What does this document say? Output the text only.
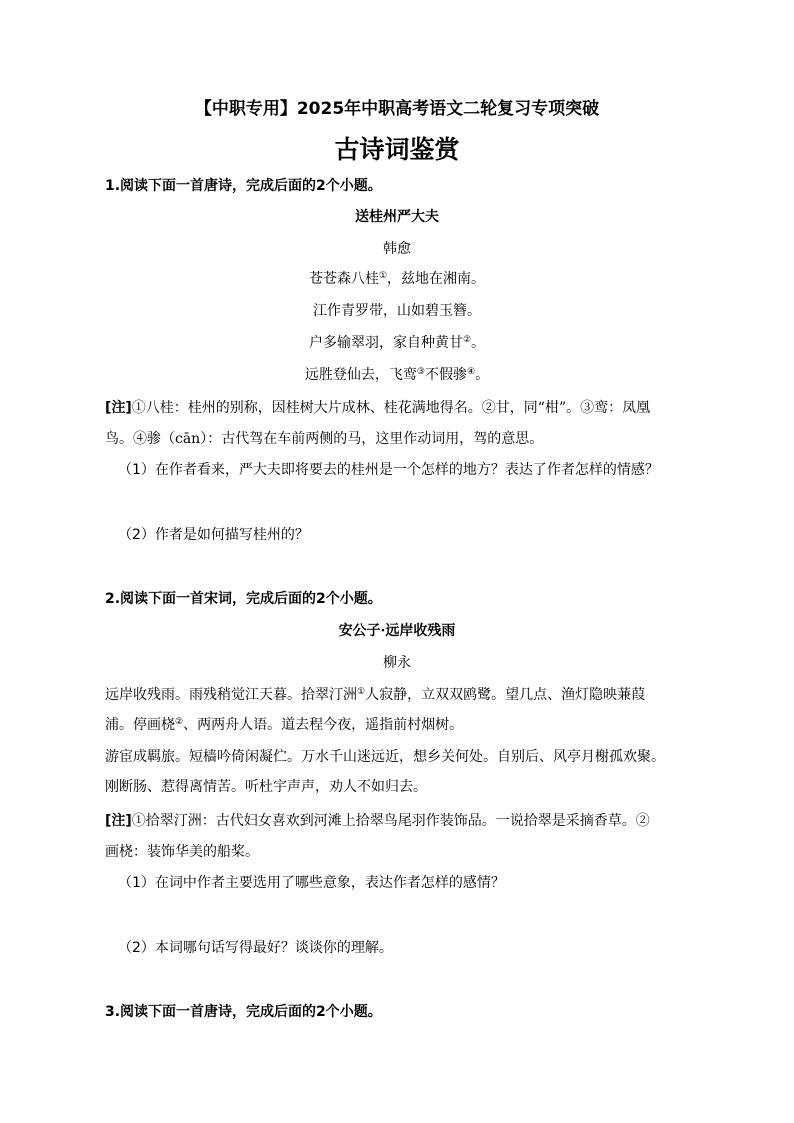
【中职专用】2025年中职高考语文二轮复习专项突破
古诗词鉴赏
1.阅读下面一首唐诗，完成后面的2个小题。
送桂州严大夫
韩愈
苍苍森八桂①，兹地在湘南。
江作青罗带，山如碧玉簪。
户多输翠羽，家自种黄甘②。
远胜登仙去，飞鸾③不假骖④。
[注]①八桂：桂州的别称，因桂树大片成林、桂花满地得名。②甘，同“柑”。③鸾：凤凰
鸟。④骖（cān）：古代驾在车前两侧的马，这里作动词用，驾的意思。
（1）在作者看来，严大夫即将要去的桂州是一个怎样的地方？表达了作者怎样的情感？
（2）作者是如何描写桂州的？
2.阅读下面一首宋词，完成后面的2个小题。
安公子·远岸收残雨
柳永
远岸收残雨。雨残稍觉江天暮。拾翠汀洲①人寂静，立双双鸥鹭。望几点、渔灯隐映蒹葭
浦。停画桡②、两两舟人语。道去程今夜，遥指前村烟树。
游宦成羁旅。短樯吟倚闲凝伫。万水千山迷远近，想乡关何处。自别后、风亭月榭孤欢聚。
刚断肠、惹得离情苦。听杜宇声声，劝人不如归去。
[注]①拾翠汀洲：古代妇女喜欢到河滩上拾翠鸟尾羽作装饰品。一说拾翠是采摘香草。②
画桡：装饰华美的船桨。
（1）在词中作者主要选用了哪些意象，表达作者怎样的感情？
（2）本词哪句话写得最好？谈谈你的理解。
3.阅读下面一首唐诗，完成后面的2个小题。
